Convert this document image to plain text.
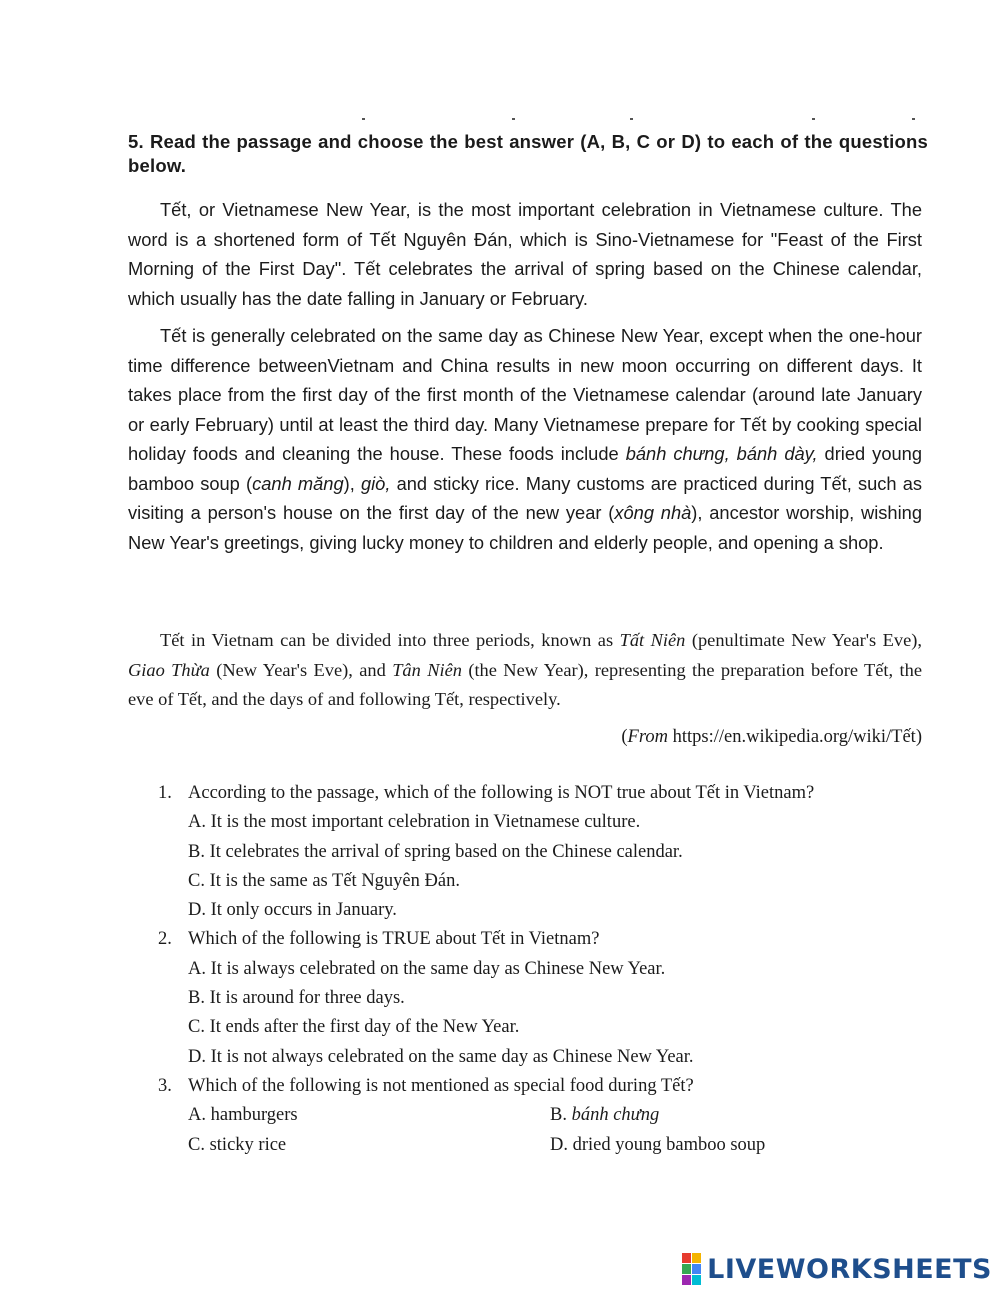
5. Read the passage and choose the best answer (A, B, C or D) to each of the questions below.
Tết, or Vietnamese New Year, is the most important celebration in Vietnamese culture. The word is a shortened form of Tết Nguyên Đán, which is Sino-Vietnamese for "Feast of the First Morning of the First Day". Tết celebrates the arrival of spring based on the Chinese calendar, which usually has the date falling in January or February.
Tết is generally celebrated on the same day as Chinese New Year, except when the one-hour time difference betweenVietnam and China results in new moon occurring on different days. It takes place from the first day of the first month of the Vietnamese calendar (around late January or early February) until at least the third day. Many Vietnamese prepare for Tết by cooking special holiday foods and cleaning the house. These foods include bánh chưng, bánh dày, dried young bamboo soup (canh măng), giò, and sticky rice. Many customs are practiced during Tết, such as visiting a person's house on the first day of the new year (xông nhà), ancestor worship, wishing New Year's greetings, giving lucky money to children and elderly people, and opening a shop.
Tết in Vietnam can be divided into three periods, known as Tất Niên (penultimate New Year's Eve), Giao Thừa (New Year's Eve), and Tân Niên (the New Year), representing the preparation before Tết, the eve of Tết, and the days of and following Tết, respectively.
(From https://en.wikipedia.org/wiki/Tết)
1. According to the passage, which of the following is NOT true about Tết in Vietnam?
A. It is the most important celebration in Vietnamese culture.
B. It celebrates the arrival of spring based on the Chinese calendar.
C. It is the same as Tết Nguyên Đán.
D. It only occurs in January.
2. Which of the following is TRUE about Tết in Vietnam?
A. It is always celebrated on the same day as Chinese New Year.
B. It is around for three days.
C. It ends after the first day of the New Year.
D. It is not always celebrated on the same day as Chinese New Year.
3. Which of the following is not mentioned as special food during Tết?
A. hamburgers	B. bánh chưng
C. sticky rice	D. dried young bamboo soup
LIVEWORKSHEETS
